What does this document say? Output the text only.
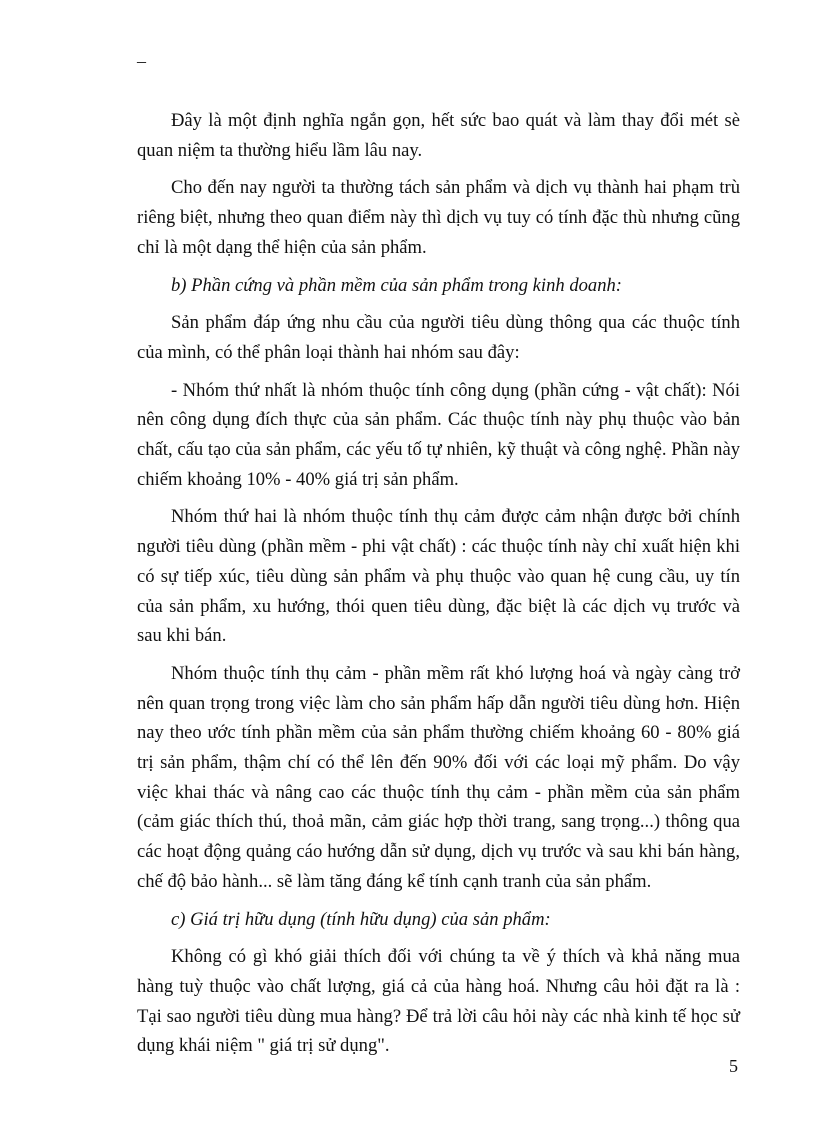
–

Đây là một định nghĩa ngắn gọn, hết sức bao quát và làm thay đổi mét sè quan niệm ta thường hiểu lầm lâu nay.

Cho đến nay người ta thường tách sản phẩm và dịch vụ thành hai phạm trù riêng biệt, nhưng theo quan điểm này thì dịch vụ tuy có tính đặc thù nhưng cũng chỉ là một dạng thể hiện của sản phẩm.

b) Phần cứng và phần mềm của sản phẩm trong kinh doanh:

Sản phẩm đáp ứng nhu cầu của người tiêu dùng thông qua các thuộc tính của mình, có thể phân loại thành hai nhóm sau đây:

- Nhóm thứ nhất là nhóm thuộc tính công dụng (phần cứng - vật chất): Nói nên công dụng đích thực của sản phẩm. Các thuộc tính này phụ thuộc vào bản chất, cấu tạo của sản phẩm, các yếu tố tự nhiên, kỹ thuật và công nghệ. Phần này chiếm khoảng 10% - 40% giá trị sản phẩm.

Nhóm thứ hai là nhóm thuộc tính thụ cảm được cảm nhận được bởi chính người tiêu dùng (phần mềm - phi vật chất) : các thuộc tính này chỉ xuất hiện khi có sự tiếp xúc, tiêu dùng sản phẩm và phụ thuộc vào quan hệ cung cầu, uy tín của sản phẩm, xu hướng, thói quen tiêu dùng, đặc biệt là các dịch vụ trước và sau khi bán.

Nhóm thuộc tính thụ cảm - phần mềm rất khó lượng hoá và ngày càng trở nên quan trọng trong việc làm cho sản phẩm hấp dẫn người tiêu dùng hơn. Hiện nay theo ước tính phần mềm của sản phẩm thường chiếm khoảng 60 - 80% giá trị sản phẩm, thậm chí có thể lên đến 90% đối với các loại mỹ phẩm. Do vậy việc khai thác và nâng cao các thuộc tính thụ cảm - phần mềm của sản phẩm (cảm giác thích thú, thoả mãn, cảm giác hợp thời trang, sang trọng...) thông qua các hoạt động quảng cáo hướng dẫn sử dụng, dịch vụ trước và sau khi bán hàng, chế độ bảo hành... sẽ làm tăng đáng kể tính cạnh tranh của sản phẩm.

c) Giá trị hữu dụng (tính hữu dụng) của sản phẩm:

Không có gì khó giải thích đối với chúng ta về ý thích và khả năng mua hàng tuỳ thuộc vào chất lượng, giá cả của hàng hoá. Nhưng câu hỏi đặt ra là : Tại sao người tiêu dùng mua hàng? Để trả lời câu hỏi này các nhà kinh tế học sử dụng khái niệm " giá trị sử dụng".

5
